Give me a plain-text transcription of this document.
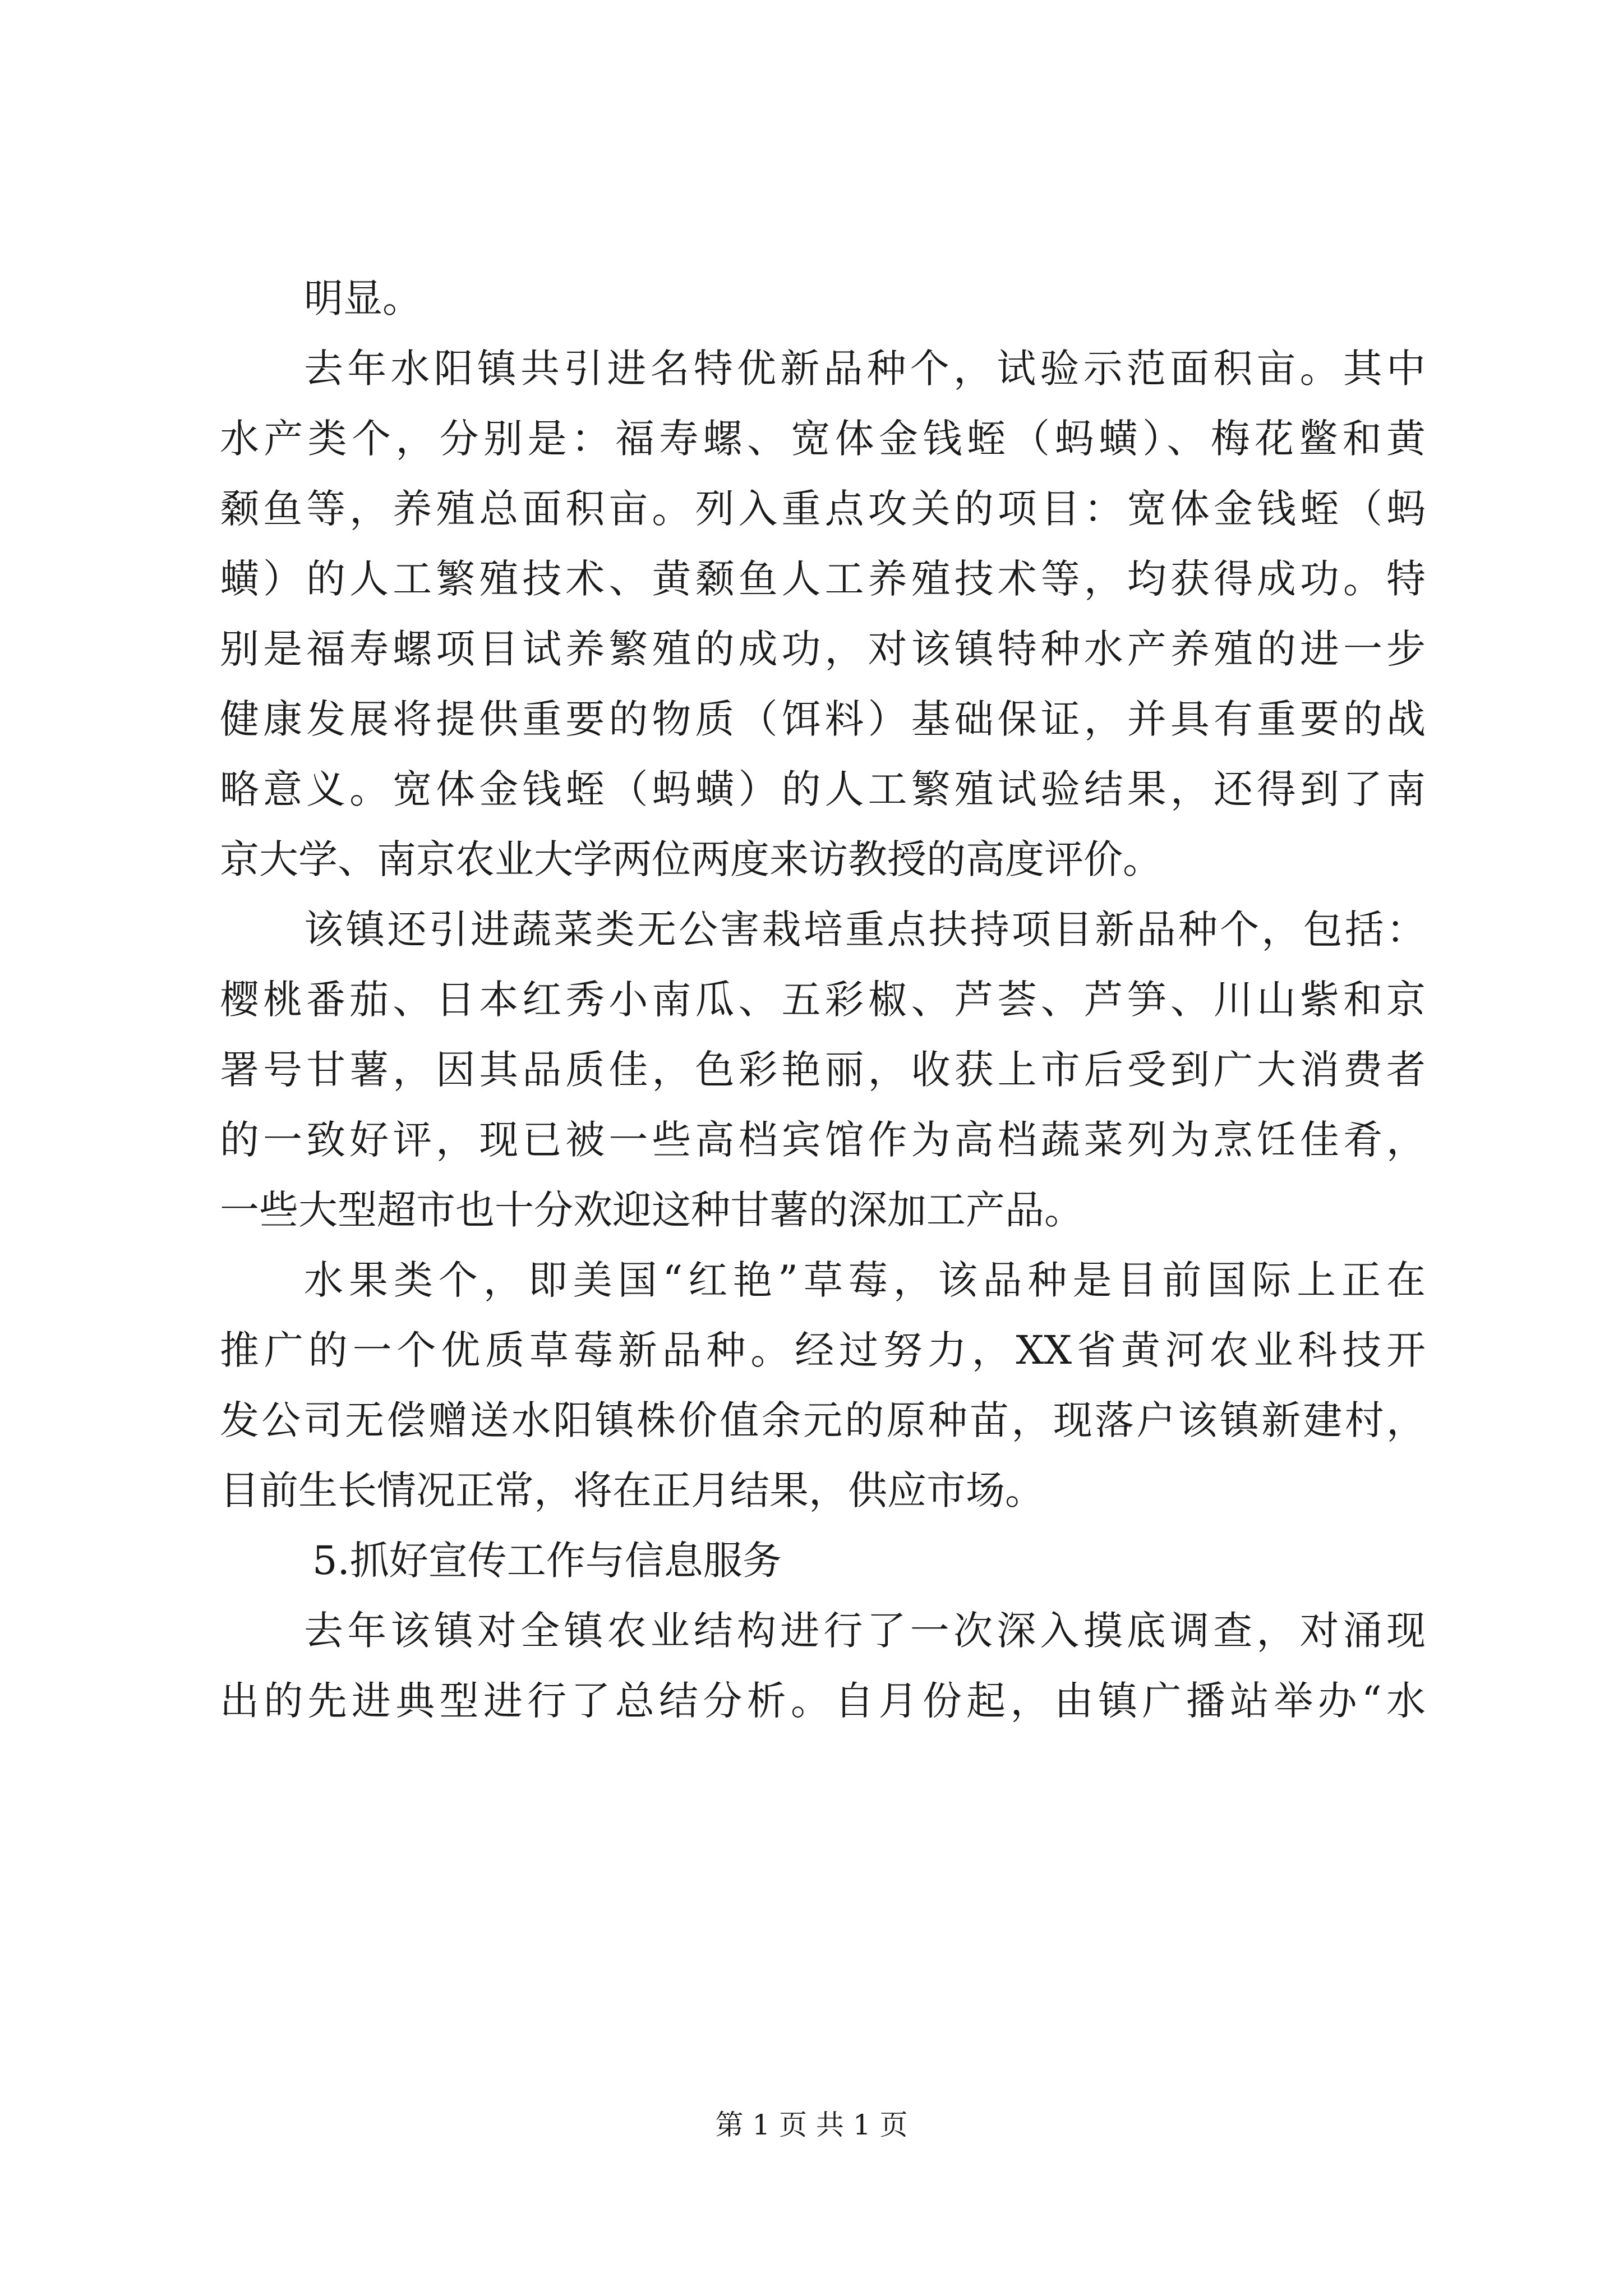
明显。
去年水阳镇共引进名特优新品种个，试验示范面积亩。其中
水产类个，分别是：福寿螺、宽体金钱蛭（蚂蟥）、梅花鳖和黄
颡鱼等，养殖总面积亩。列入重点攻关的项目：宽体金钱蛭（蚂
蟥）的人工繁殖技术、黄颡鱼人工养殖技术等，均获得成功。特
别是福寿螺项目试养繁殖的成功，对该镇特种水产养殖的进一步
健康发展将提供重要的物质（饵料）基础保证，并具有重要的战
略意义。宽体金钱蛭（蚂蟥）的人工繁殖试验结果，还得到了南
京大学、南京农业大学两位两度来访教授的高度评价。
该镇还引进蔬菜类无公害栽培重点扶持项目新品种个，包括：
樱桃番茄、日本红秀小南瓜、五彩椒、芦荟、芦笋、川山紫和京
署号甘薯，因其品质佳，色彩艳丽，收获上市后受到广大消费者
的一致好评，现已被一些高档宾馆作为高档蔬菜列为烹饪佳肴，
一些大型超市也十分欢迎这种甘薯的深加工产品。
水果类个，即美国“红艳”草莓，该品种是目前国际上正在
推广的一个优质草莓新品种。经过努力，XX省黄河农业科技开
发公司无偿赠送水阳镇株价值余元的原种苗，现落户该镇新建村，
目前生长情况正常，将在正月结果，供应市场。
5.抓好宣传工作与信息服务
去年该镇对全镇农业结构进行了一次深入摸底调查，对涌现
出的先进典型进行了总结分析。自月份起，由镇广播站举办“水
第 1 页 共 1 页
